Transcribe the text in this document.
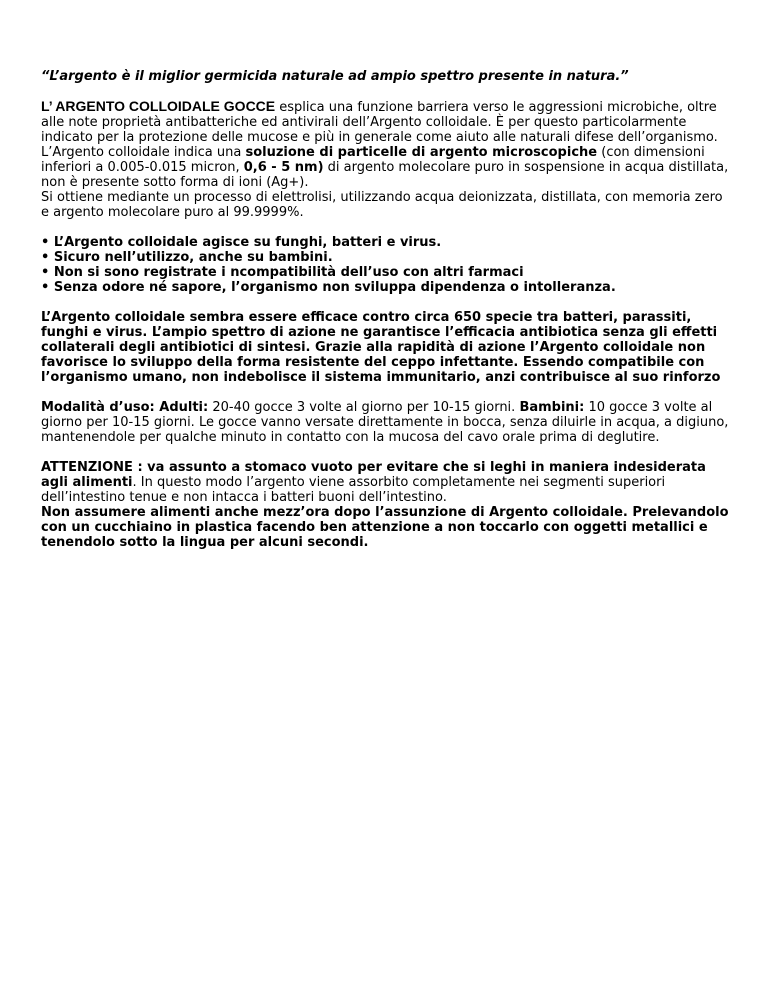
“L’argento è il miglior germicida naturale ad ampio spettro presente in natura.”

L’ ARGENTO COLLOIDALE GOCCE esplica una funzione barriera verso le aggressioni microbiche, oltre alle note proprietà antibatteriche ed antivirali dell’Argento colloidale. È per questo particolarmente indicato per la protezione delle mucose e più in generale come aiuto alle naturali difese dell’organismo.

L’Argento colloidale indica una soluzione di particelle di argento microscopiche (con dimensioni inferiori a 0.005-0.015 micron, 0,6 - 5 nm) di argento molecolare puro in sospensione in acqua distillata, non è presente sotto forma di ioni (Ag+).

Si ottiene mediante un processo di elettrolisi, utilizzando acqua deionizzata, distillata, con memoria zero e argento molecolare puro al 99.9999%.

• L’Argento colloidale agisce su funghi, batteri e virus.
• Sicuro nell’utilizzo, anche su bambini.
• Non si sono registrate i ncompatibilità dell’uso con altri farmaci
• Senza odore né sapore, l’organismo non sviluppa dipendenza o intolleranza.

L’Argento colloidale sembra essere efficace contro circa 650 specie tra batteri, parassiti, funghi e virus. L’ampio spettro di azione ne garantisce l’efficacia antibiotica senza gli effetti collaterali degli antibiotici di sintesi. Grazie alla rapidità di azione l’Argento colloidale non favorisce lo sviluppo della forma resistente del ceppo infettante. Essendo compatibile con l’organismo umano, non indebolisce il sistema immunitario, anzi contribuisce al suo rinforzo

Modalità d’uso: Adulti: 20-40 gocce 3 volte al giorno per 10-15 giorni. Bambini: 10 gocce 3 volte al giorno per 10-15 giorni. Le gocce vanno versate direttamente in bocca, senza diluirle in acqua, a digiuno, mantenendole per qualche minuto in contatto con la mucosa del cavo orale prima di deglutire.

ATTENZIONE : va assunto a stomaco vuoto per evitare che si leghi in maniera indesiderata agli alimenti. In questo modo l’argento viene assorbito completamente nei segmenti superiori dell’intestino tenue e non intacca i batteri buoni dell’intestino.

Non assumere alimenti anche mezz’ora dopo l’assunzione di Argento colloidale. Prelevandolo con un cucchiaino in plastica facendo ben attenzione a non toccarlo con oggetti metallici e tenendolo sotto la lingua per alcuni secondi.
